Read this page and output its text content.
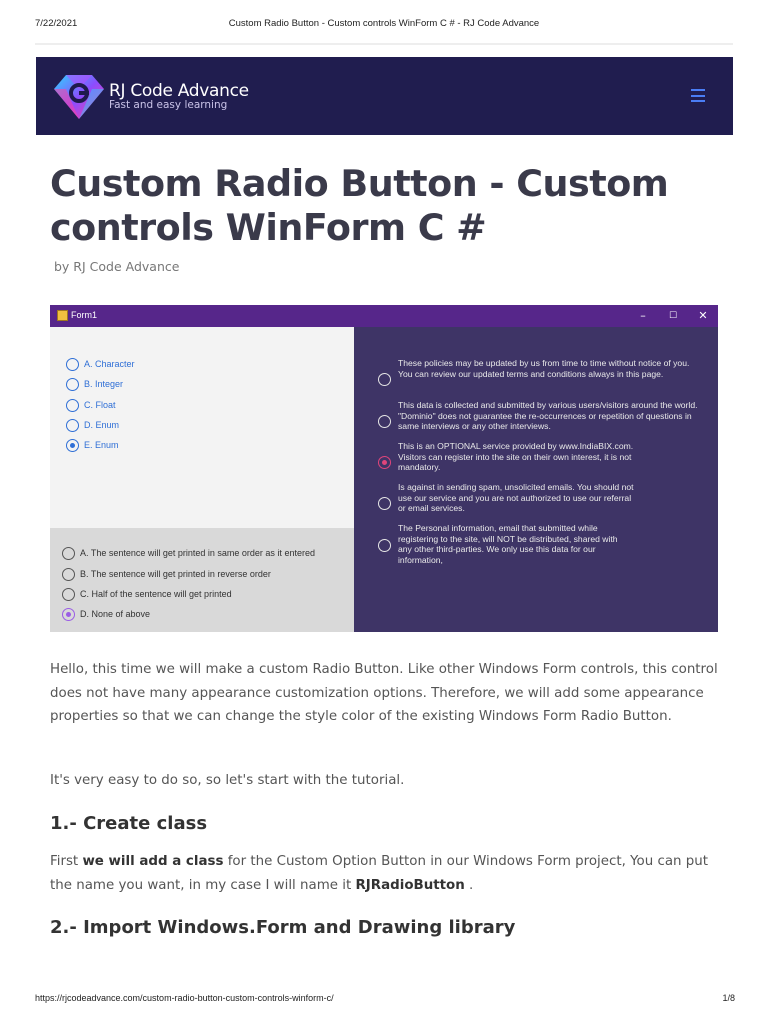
7/22/2021	Custom Radio Button - Custom controls WinForm C # - RJ Code Advance
RJ Code Advance
Fast and easy learning
Custom Radio Button - Custom controls WinForm C #
by RJ Code Advance
Form1	–	☐	✕
A. Character
B. Integer
C. Float
D. Enum
E. Enum
A. The sentence will get printed in same order as it entered
B. The sentence will get printed in reverse order
C. Half of the sentence will get printed
D. None of above
These policies may be updated by us from time to time without notice of you. You can review our updated terms and conditions always in this page.
This data is collected and submitted by various users/visitors around the world. "Dominio" does not guarantee the re-occurrences or repetition of questions in same interviews or any other interviews.
This is an OPTIONAL service provided by www.IndiaBIX.com. Visitors can register into the site on their own interest, it is not mandatory.
Is against in sending spam, unsolicited emails. You should not use our service and you are not authorized to use our referral or email services.
The Personal information, email that submitted while registering to the site, will NOT be distributed, shared with any other third-parties. We only use this data for our information,

Hello, this time we will make a custom Radio Button. Like other Windows Form controls, this control does not have many appearance customization options. Therefore, we will add some appearance properties so that we can change the style color of the existing Windows Form Radio Button.

It's very easy to do so, so let's start with the tutorial.

1.- Create class

First we will add a class for the Custom Option Button in our Windows Form project, You can put the name you want, in my case I will name it RJRadioButton .

2.- Import Windows.Form and Drawing library
https://rjcodeadvance.com/custom-radio-button-custom-controls-winform-c/	1/8
